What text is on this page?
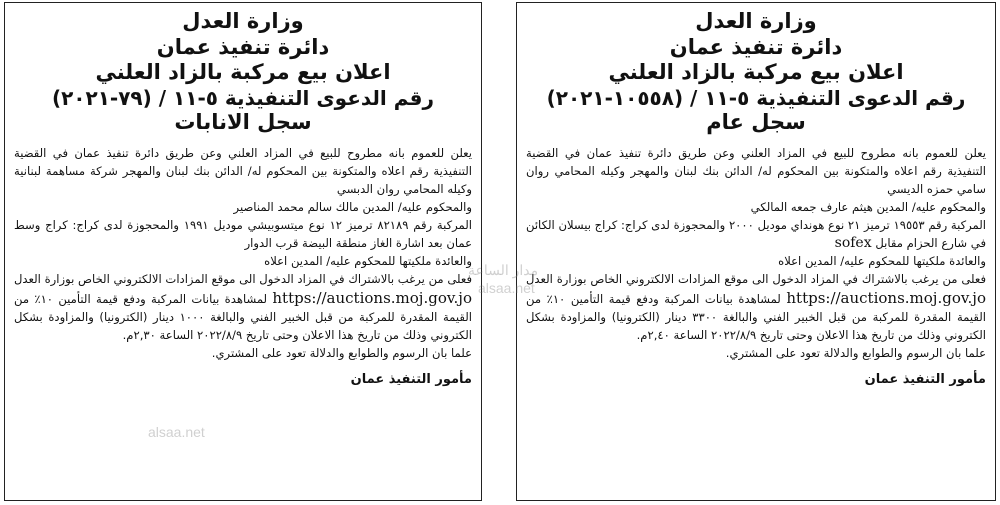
وزارة العدل
دائرة تنفيذ عمان
اعلان بيع مركبة بالزاد العلني
رقم الدعوى التنفيذية ٥-١١ / (١٠٥٥٨-٢٠٢١)
سجل عام

يعلن للعموم بانه مطروح للبيع في المزاد العلني وعن طريق دائرة تنفيذ عمان في القضية التنفيذية رقم اعلاه والمتكونة بين المحكوم له/ الدائن بنك لبنان والمهجر وكيله المحامي روان سامي حمزه الديسي

والمحكوم عليه/ المدين هيثم عارف جمعه المالكي

المركبة رقم ١٩٥٥٣ ترميز ٢١ نوع هونداي موديل ٢٠٠٠ والمحجوزة لدى كراج: كراج بيسلان الكائن في شارع الحزام مقابل sofex

والعائدة ملكيتها للمحكوم عليه/ المدين اعلاه

فعلى من يرغب بالاشتراك في المزاد الدخول الى موقع المزادات الالكتروني الخاص بوزارة العدل https://auctions.moj.gov.jo لمشاهدة بيانات المركبة ودفع قيمة التأمين ١٠٪ من القيمة المقدرة للمركبة من قبل الخبير الفني والبالغة ٣٣٠٠ دينار (الكترونيا) والمزاودة بشكل الكتروني وذلك من تاريخ هذا الاعلان وحتى تاريخ ٢٠٢٢/٨/٩ الساعة ٢,٤٠م.

علما بان الرسوم والطوابع والدلالة تعود على المشتري.

مأمور التنفيذ عمان
وزارة العدل
دائرة تنفيذ عمان
اعلان بيع مركبة بالزاد العلني
رقم الدعوى التنفيذية ٥-١١ / (٧٩-٢٠٢١)
سجل الانابات

يعلن للعموم بانه مطروح للبيع في المزاد العلني وعن طريق دائرة تنفيذ عمان في القضية التنفيذية رقم اعلاه والمتكونة بين المحكوم له/ الدائن بنك لبنان والمهجر شركة مساهمة لبنانية وكيله المحامي روان الدبسي

والمحكوم عليه/ المدين مالك سالم محمد المناصير

المركبة رقم ٨٢١٨٩ ترميز ١٢ نوع ميتسوبيشي موديل ١٩٩١ والمحجوزة لدى كراج: كراج وسط عمان بعد اشارة الغاز منطقة البيضة قرب الدوار

والعائدة ملكيتها للمحكوم عليه/ المدين اعلاه

فعلى من يرغب بالاشتراك في المزاد الدخول الى موقع المزادات الالكتروني الخاص بوزارة العدل https://auctions.moj.gov.jo لمشاهدة بيانات المركبة ودفع قيمة التأمين ١٠٪ من القيمة المقدرة للمركبة من قبل الخبير الفني والبالغة ١٠٠٠ دينار (الكترونيا) والمزاودة بشكل الكتروني وذلك من تاريخ هذا الاعلان وحتى تاريخ ٢٠٢٢/٨/٩ الساعة ٢,٣٠م.

علما بان الرسوم والطوابع والدلالة تعود على المشتري.

مأمور التنفيذ عمان
مدار الساعة
alsaa.net
alsaa.net
